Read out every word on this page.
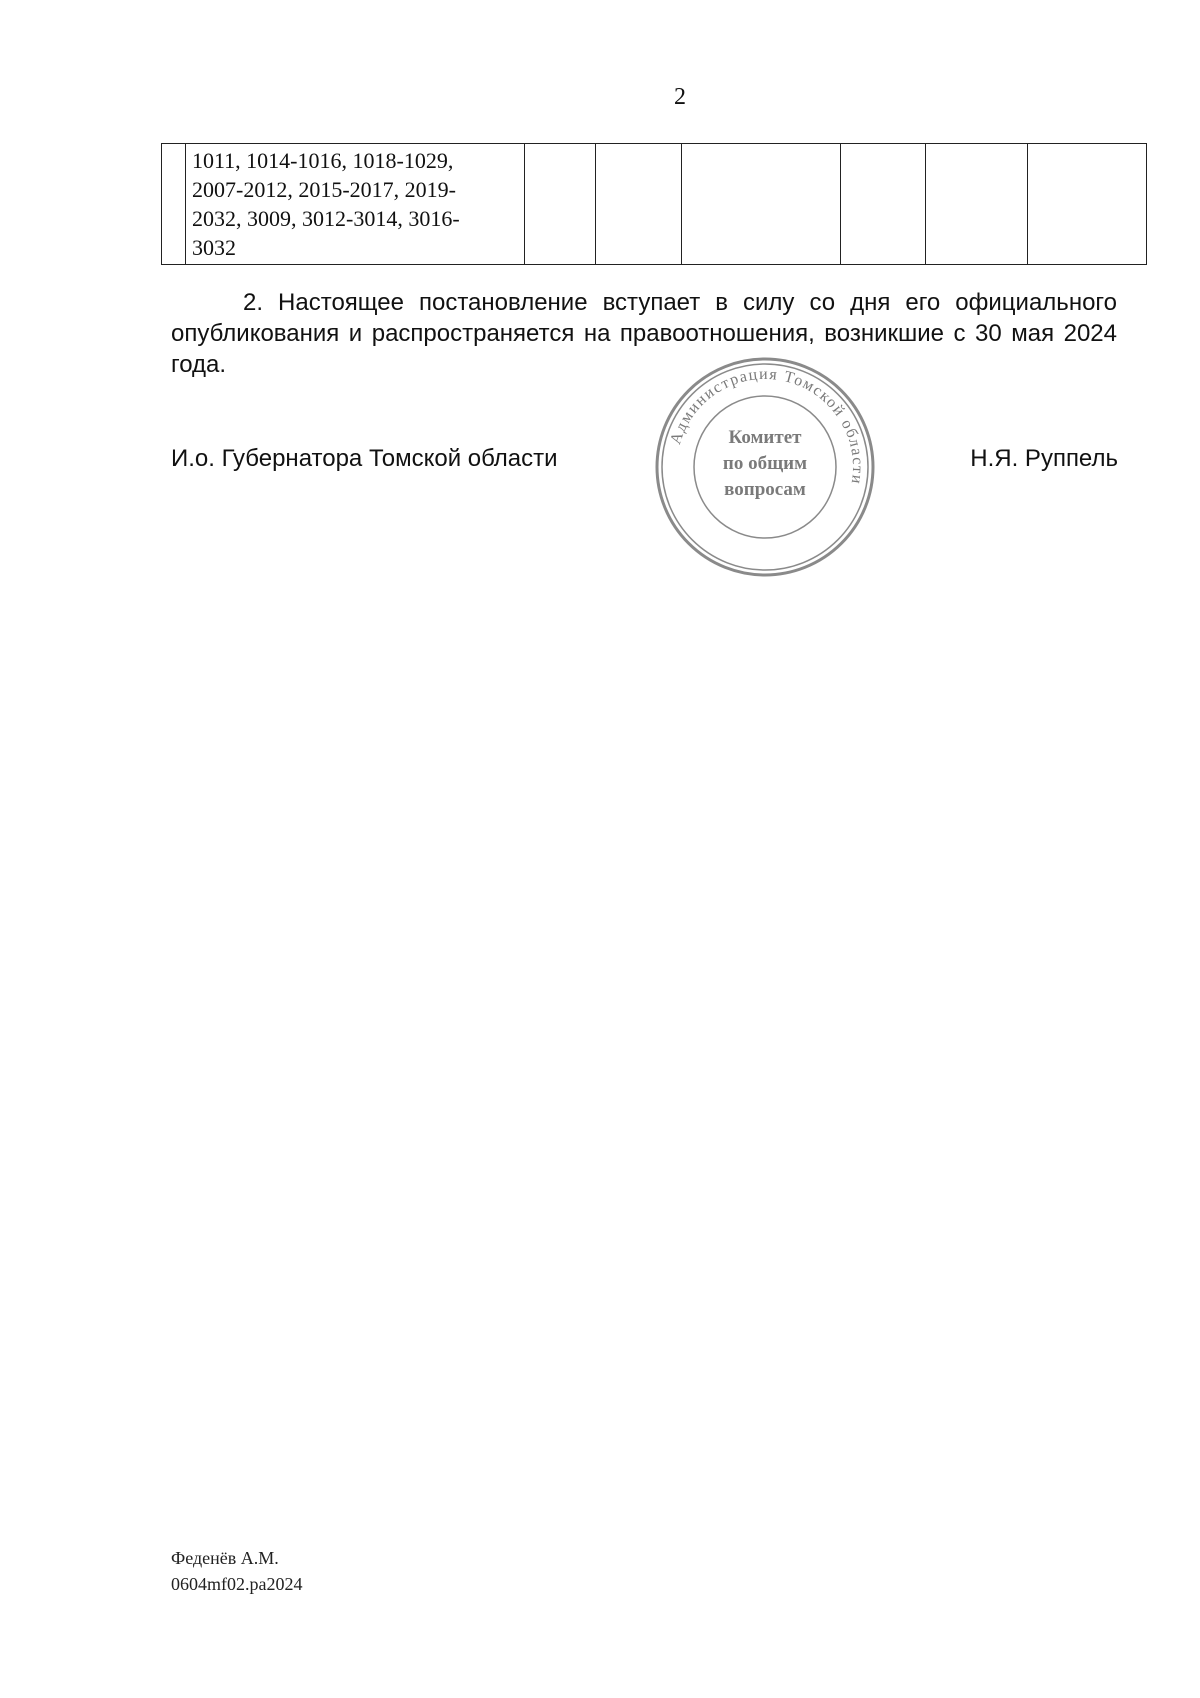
2

1011, 1014-1016, 1018-1029,
2007-2012, 2015-2017, 2019-
2032, 3009, 3012-3014, 3016-
3032

2. Настоящее постановление вступает в силу со дня его официального опубликования и распространяется на правоотношения, возникшие с 30 мая 2024 года.

И.о. Губернатора Томской области
Администрация Томской области
Комитет
по общим
вопросам
Н.Я. Руппель
Феденёв А.М.
0604mf02.pa2024
